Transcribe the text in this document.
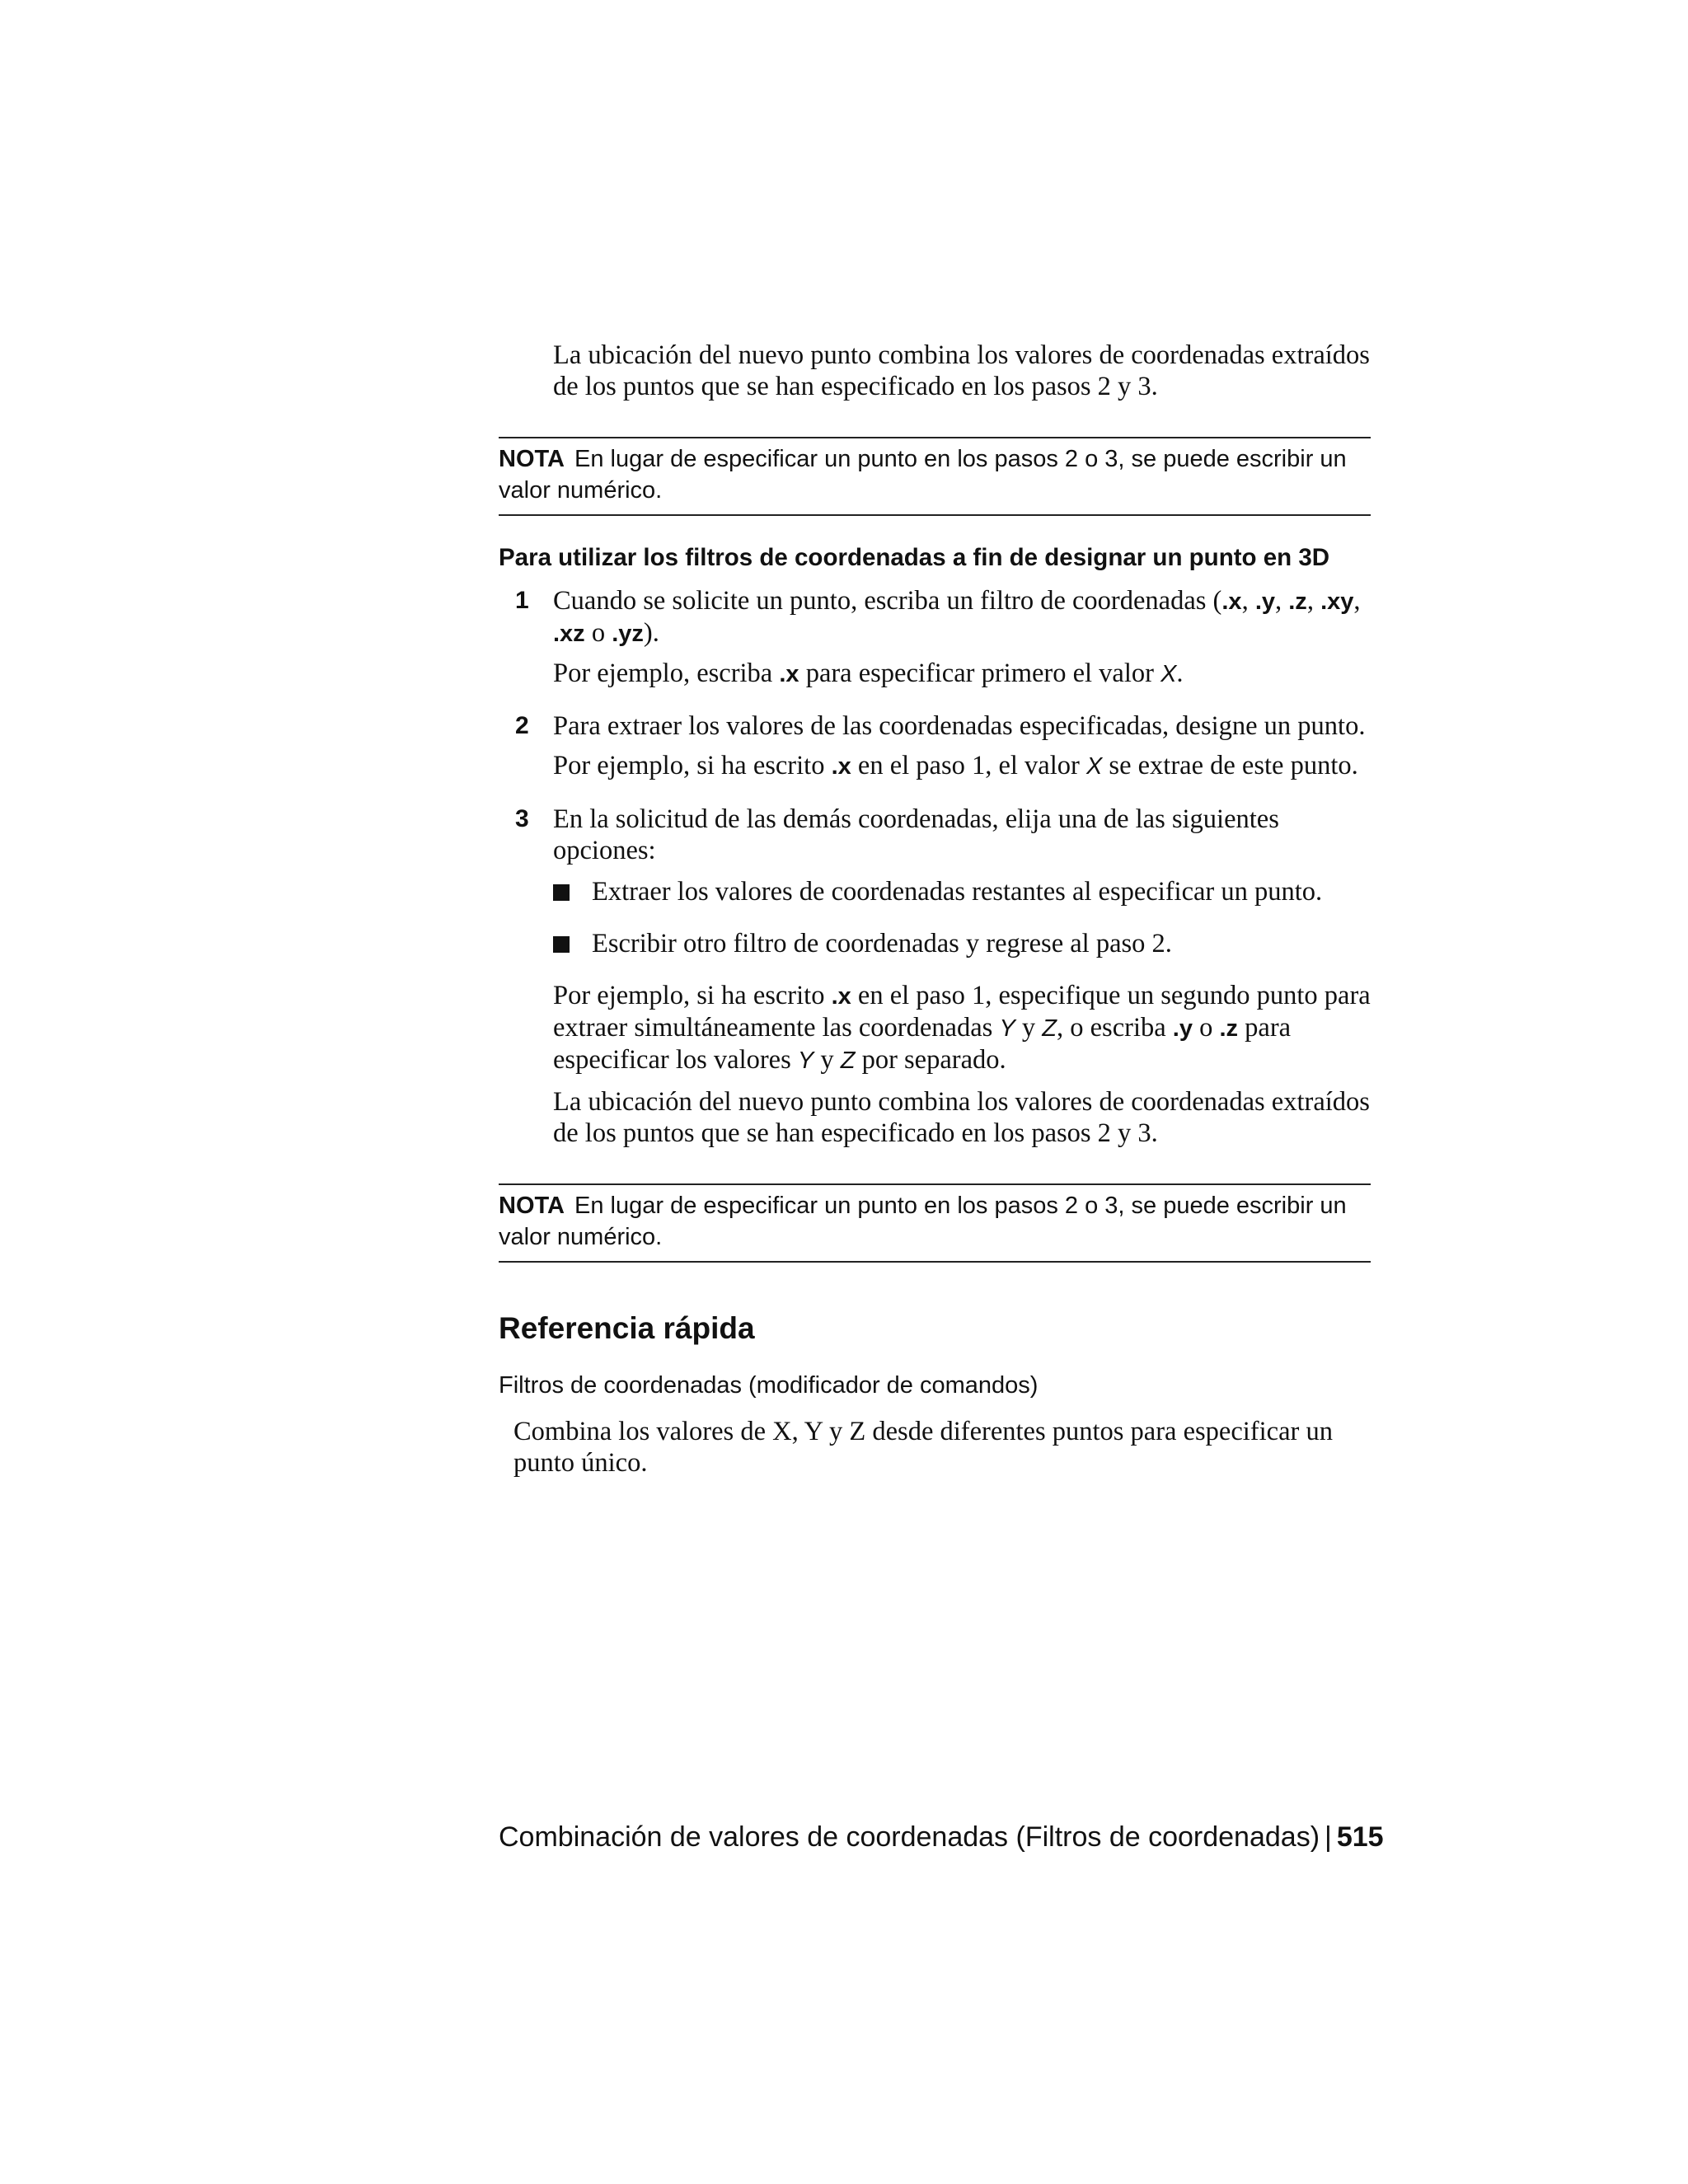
La ubicación del nuevo punto combina los valores de coordenadas extraídos de los puntos que se han especificado en los pasos 2 y 3.

NOTA En lugar de especificar un punto en los pasos 2 o 3, se puede escribir un valor numérico.

Para utilizar los filtros de coordenadas a fin de designar un punto en 3D

1 Cuando se solicite un punto, escriba un filtro de coordenadas (.x, .y, .z, .xy, .xz o .yz).

Por ejemplo, escriba .x para especificar primero el valor X.

2 Para extraer los valores de las coordenadas especificadas, designe un punto.

Por ejemplo, si ha escrito .x en el paso 1, el valor X se extrae de este punto.

3 En la solicitud de las demás coordenadas, elija una de las siguientes opciones:

Extraer los valores de coordenadas restantes al especificar un punto.

Escribir otro filtro de coordenadas y regrese al paso 2.

Por ejemplo, si ha escrito .x en el paso 1, especifique un segundo punto para extraer simultáneamente las coordenadas Y y Z, o escriba .y o .z para especificar los valores Y y Z por separado.

La ubicación del nuevo punto combina los valores de coordenadas extraídos de los puntos que se han especificado en los pasos 2 y 3.

NOTA En lugar de especificar un punto en los pasos 2 o 3, se puede escribir un valor numérico.

Referencia rápida

Filtros de coordenadas (modificador de comandos)

Combina los valores de X, Y y Z desde diferentes puntos para especificar un punto único.

Combinación de valores de coordenadas (Filtros de coordenadas) | 515
